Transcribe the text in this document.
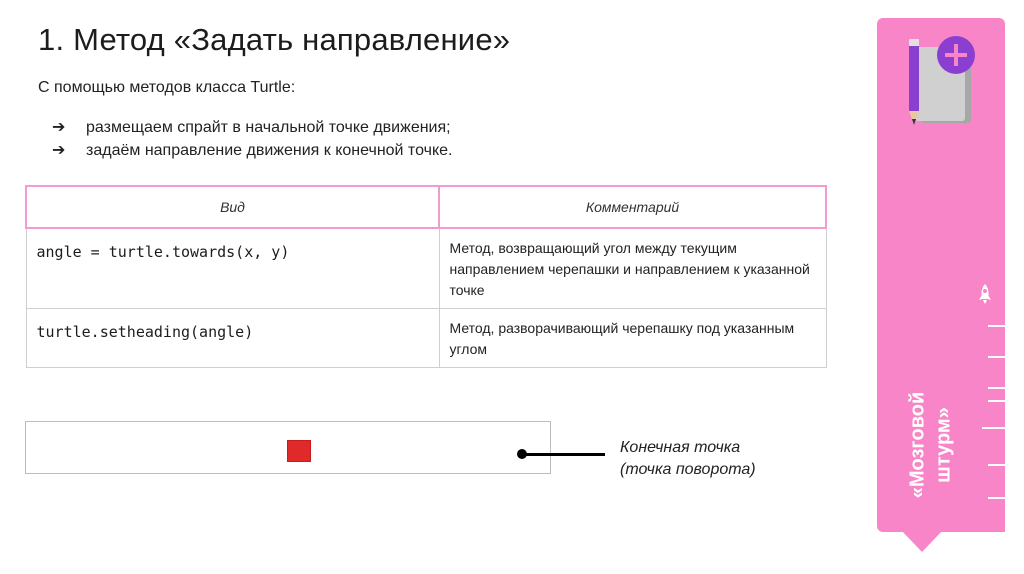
1. Метод «Задать направление»
С помощью методов класса Turtle:
➔	размещаем спрайт в начальной точке движения;
➔	задаём направление движения к конечной точке.
Вид	Комментарий
angle = turtle.towards(x, y)	Метод, возвращающий угол между текущим направлением черепашки и направлением к указанной точке
turtle.setheading(angle)	Метод, разворачивающий черепашку под указанным углом
Конечная точка
(точка поворота)	«Мозговой штурм»
